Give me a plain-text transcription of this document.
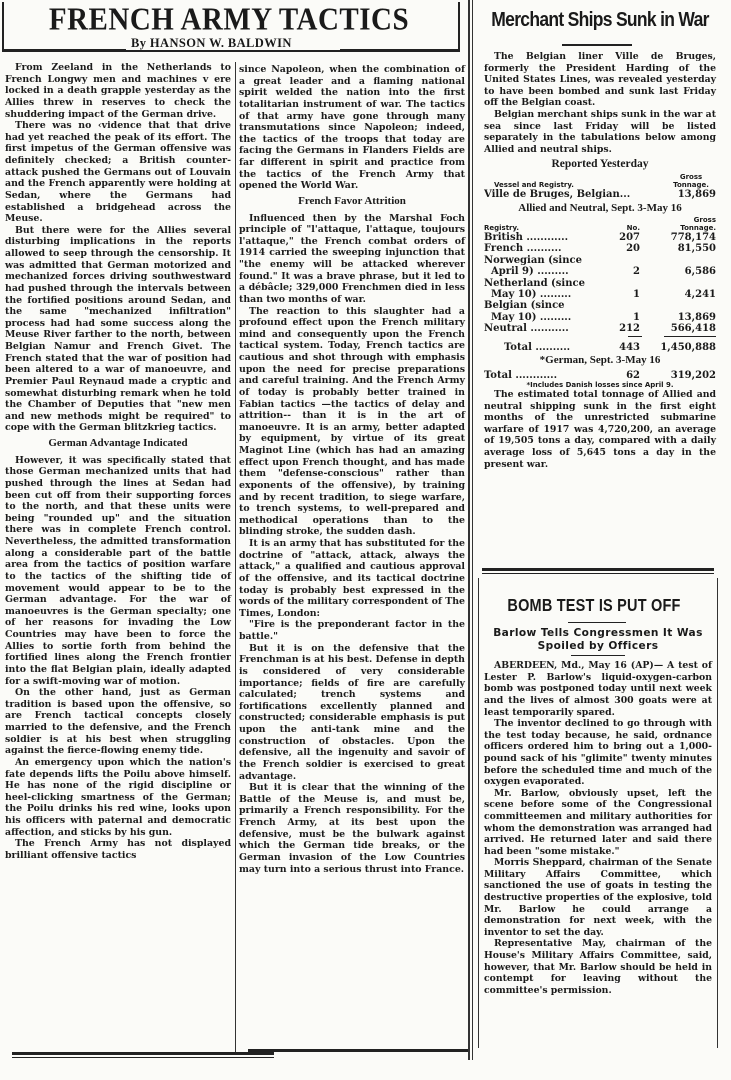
FRENCH ARMY TACTICS
By HANSON W. BALDWIN

From Zeeland in the Netherlands to French Longwy men and machines v ere locked in a death grapple yesterday as the Allies threw in reserves to check the shuddering impact of the German drive.

There was no ‹vidence that that drive had yet reached the peak of its effort. The first impetus of the German offensive was definitely checked; a British counter-attack pushed the Germans out of Louvain and the French apparently were holding at Sedan, where the Germans had established a bridgehead across the Meuse.

But there were for the Allies several disturbing implications in the reports allowed to seep through the censorship. It was admitted that German motorized and mechanized forces driving southwestward had pushed through the intervals between the fortified positions around Sedan, and the same "mechanized infiltration" process had had some success along the Meuse River farther to the north, between Belgian Namur and French Givet. The French stated that the war of position had been altered to a war of manoeuvre, and Premier Paul Reynaud made a cryptic and somewhat disturbing remark when he told the Chamber of Deputies that "new men and new methods might be required" to cope with the German blitzkrieg tactics.

German Advantage Indicated

However, it was specifically stated that those German mechanized units that had pushed through the lines at Sedan had been cut off from their supporting forces to the north, and that these units were being "rounded up" and the situation there was in complete French control. Nevertheless, the admitted transformation along a considerable part of the battle area from the tactics of position warfare to the tactics of the shifting tide of movement would appear to be to the German advantage. For the war of manoeuvres is the German specialty; one of her reasons for invading the Low Countries may have been to force the Allies to sortie forth from behind the fortified lines along the French frontier into the flat Belgian plain, ideally adapted for a swift-moving war of motion.

On the other hand, just as German tradition is based upon the offensive, so are French tactical concepts closely married to the defensive, and the French soldier is at his best when struggling against the fierce-flowing enemy tide.

An emergency upon which the nation's fate depends lifts the Poilu above himself. He has none of the rigid discipline or heel-clicking smartness of the German; the Poilu drinks his red wine, looks upon his officers with paternal and democratic affection, and sticks by his gun.

The French Army has not displayed brilliant offensive tactics

since Napoleon, when the combination of a great leader and a flaming national spirit welded the nation into the first totalitarian instrument of war. The tactics of that army have gone through many transmutations since Napoleon; indeed, the tactics of the troops that today are facing the Germans in Flanders Fields are far different in spirit and practice from the tactics of the French Army that opened the World War.

French Favor Attrition

Influenced then by the Marshal Foch principle of "l'attaque, l'attaque, toujours l'attaque," the French combat orders of 1914 carried the sweeping injunction that "the enemy will be attacked wherever found." It was a brave phrase, but it led to a débâcle; 329,000 Frenchmen died in less than two months of war.

The reaction to this slaughter had a profound effect upon the French military mind and consequently upon the French tactical system. Today, French tactics are cautious and shot through with emphasis upon the need for precise preparations and careful training. And the French Army of today is probably better trained in Fabian tactics —the tactics of delay and attrition-- than it is in the art of manoeuvre. It is an army, better adapted by equipment, by virtue of its great Maginot Line (which has had an amazing effect upon French thought, and has made them "defense-conscious" rather than exponents of the offensive), by training and by recent tradition, to siege warfare, to trench systems, to well-prepared and methodical operations than to the blinding stroke, the sudden dash.

It is an army that has substituted for the doctrine of "attack, attack, always the attack," a qualified and cautious approval of the offensive, and its tactical doctrine today is probably best expressed in the words of the military correspondent of The Times, London:

"Fire is the preponderant factor in the battle."

But it is on the defensive that the Frenchman is at his best. Defense in depth is considered of very considerable importance; fields of fire are carefully calculated; trench systems and fortifications excellently planned and constructed; considerable emphasis is put upon the anti-tank mine and the construction of obstacles. Upon the defensive, all the ingenuity and savoir of the French soldier is exercised to great advantage.

But it is clear that the winning of the Battle of the Meuse is, and must be, primarily a French responsibility. For the French Army, at its best upon the defensive, must be the bulwark against which the German tide breaks, or the German invasion of the Low Countries may turn into a serious thrust into France.

Merchant Ships Sunk in War

The Belgian liner Ville de Bruges, formerly the President Harding of the United States Lines, was revealed yesterday to have been bombed and sunk last Friday off the Belgian coast.

Belgian merchant ships sunk in the war at sea since last Friday will be listed separately in the tabulations below among Allied and neutral ships.

Reported Yesterday

Vessel and Registry.
Gross Tonnage.
Ville de Bruges, Belgian...	13,869

Allied and Neutral, Sept. 3-May 16

Registry.	No.
Gross Tonnage.
British ............	207	778,174
French ..........	20	81,550
Norwegian (since
April 9) .........	2	6,586
Netherland (since
May 10) .........	1	4,241
Belgian (since
May 10) .........	1	13,869
Neutral ...........	212	566,418
Total ..........	443	1,450,888

*German, Sept. 3-May 16

Total ............	62	319,202

*Includes Danish losses since April 9.

The estimated total tonnage of Allied and neutral shipping sunk in the first eight months of the unrestricted submarine warfare of 1917 was 4,720,200, an average of 19,505 tons a day, compared with a daily average loss of 5,645 tons a day in the present war.

BOMB TEST IS PUT OFF

Barlow Tells Congressmen It Was Spoiled by Officers

ABERDEEN, Md., May 16 (AP)— A test of Lester P. Barlow's liquid-oxygen-carbon bomb was postponed today until next week and the lives of almost 300 goats were at least temporarily spared.

The inventor declined to go through with the test today because, he said, ordnance officers ordered him to bring out a 1,000-pound sack of his "glimite" twenty minutes before the scheduled time and much of the oxygen evaporated.

Mr. Barlow, obviously upset, left the scene before some of the Congressional committeemen and military authorities for whom the demonstration was arranged had arrived. He returned later and said there had been "some mistake."

Morris Sheppard, chairman of the Senate Military Affairs Committee, which sanctioned the use of goats in testing the destructive properties of the explosive, told Mr. Barlow he could arrange a demonstration for next week, with the inventor to set the day.

Representative May, chairman of the House's Military Affairs Committee, said, however, that Mr. Barlow should be held in contempt for leaving without the committee's permission.
